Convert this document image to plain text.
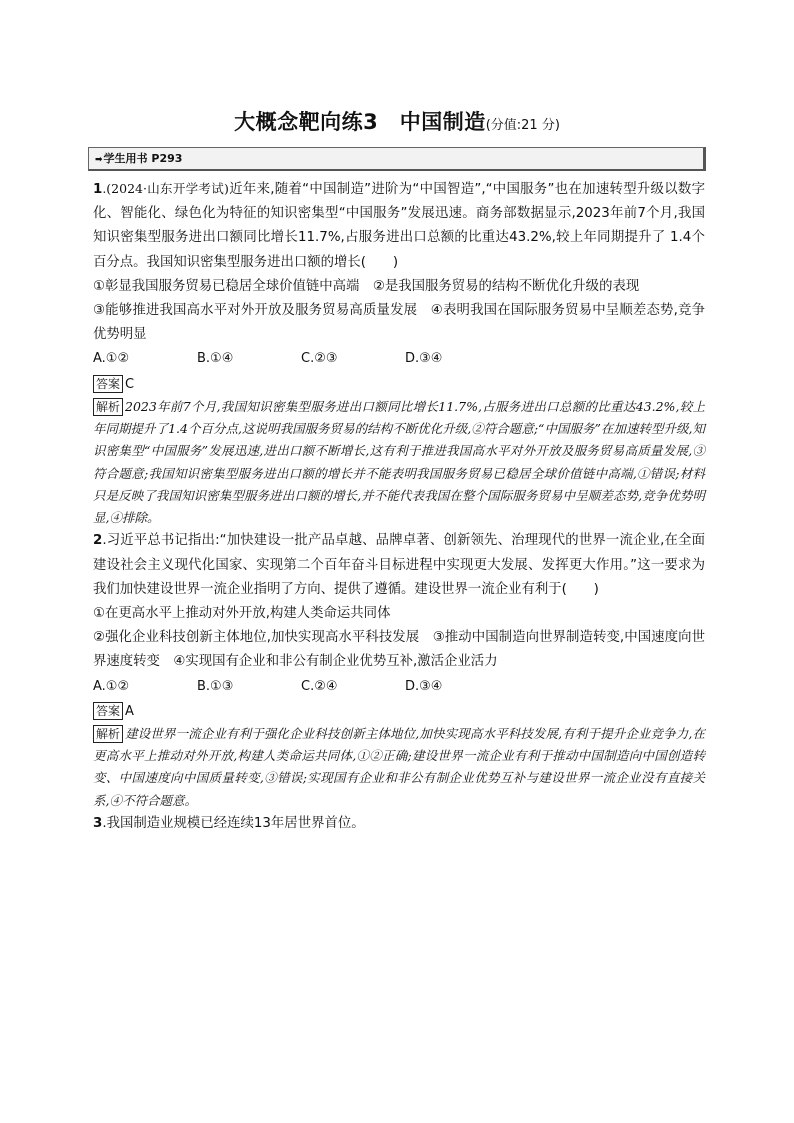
大概念靶向练3　中国制造(分值:21 分)
➡学生用书 P293

1.(2024·山东开学考试)近年来,随着“中国制造”进阶为“中国智造”,“中国服务”也在加速转型升级以数字化、智能化、绿色化为特征的知识密集型“中国服务”发展迅速。商务部数据显示,2023年前7个月,我国知识密集型服务进出口额同比增长11.7%,占服务进出口总额的比重达43.2%,较上年同期提升了 1.4个百分点。我国知识密集型服务进出口额的增长(　　)

①彰显我国服务贸易已稳居全球价值链中高端　②是我国服务贸易的结构不断优化升级的表现

③能够推进我国高水平对外开放及服务贸易高质量发展　④表明我国在国际服务贸易中呈顺差态势,竞争优势明显

A.①②	B.①④	C.②③	D.③④
答案 C

解析 2023年前7个月,我国知识密集型服务进出口额同比增长11.7%,占服务进出口总额的比重达43.2%,较上年同期提升了1.4个百分点,这说明我国服务贸易的结构不断优化升级,②符合题意;“中国服务”在加速转型升级,知识密集型“中国服务”发展迅速,进出口额不断增长,这有利于推进我国高水平对外开放及服务贸易高质量发展,③符合题意;我国知识密集型服务进出口额的增长并不能表明我国服务贸易已稳居全球价值链中高端,①错误;材料只是反映了我国知识密集型服务进出口额的增长,并不能代表我国在整个国际服务贸易中呈顺差态势,竞争优势明显,④排除。

2.习近平总书记指出:“加快建设一批产品卓越、品牌卓著、创新领先、治理现代的世界一流企业,在全面建设社会主义现代化国家、实现第二个百年奋斗目标进程中实现更大发展、发挥更大作用。”这一要求为我们加快建设世界一流企业指明了方向、提供了遵循。建设世界一流企业有利于(　　)

①在更高水平上推动对外开放,构建人类命运共同体

②强化企业科技创新主体地位,加快实现高水平科技发展　③推动中国制造向世界制造转变,中国速度向世界速度转变　④实现国有企业和非公有制企业优势互补,激活企业活力

A.①②	B.①③	C.②④	D.③④
答案 A

解析 建设世界一流企业有利于强化企业科技创新主体地位,加快实现高水平科技发展,有利于提升企业竞争力,在更高水平上推动对外开放,构建人类命运共同体,①②正确;建设世界一流企业有利于推动中国制造向中国创造转变、中国速度向中国质量转变,③错误;实现国有企业和非公有制企业优势互补与建设世界一流企业没有直接关系,④不符合题意。

3.我国制造业规模已经连续13年居世界首位。
